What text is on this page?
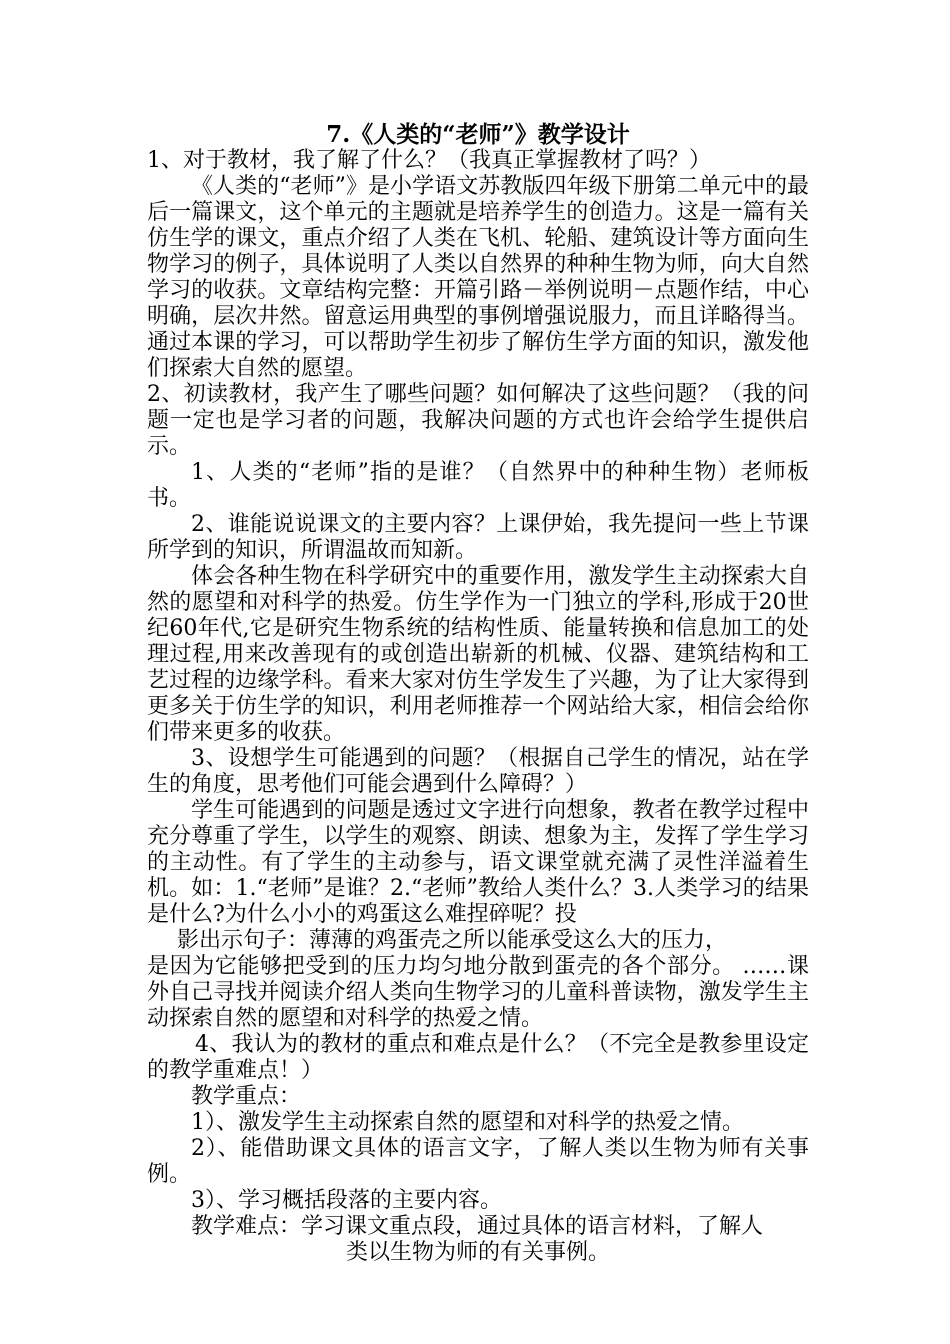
7.《人类的“老师”》教学设计

1、对于教材，我了解了什么？（我真正掌握教材了吗？）

《人类的“老师”》是小学语文苏教版四年级下册第二单元中的最后一篇课文，这个单元的主题就是培养学生的创造力。这是一篇有关仿生学的课文，重点介绍了人类在飞机、轮船、建筑设计等方面向生物学习的例子，具体说明了人类以自然界的种种生物为师，向大自然学习的收获。文章结构完整：开篇引路－举例说明－点题作结，中心明确，层次井然。留意运用典型的事例增强说服力，而且详略得当。通过本课的学习，可以帮助学生初步了解仿生学方面的知识，激发他们探索大自然的愿望。

2、初读教材，我产生了哪些问题？如何解决了这些问题？（我的问题一定也是学习者的问题，我解决问题的方式也许会给学生提供启示。

1、人类的“老师”指的是谁？（自然界中的种种生物）老师板书。

2、谁能说说课文的主要内容？上课伊始，我先提问一些上节课所学到的知识，所谓温故而知新。

体会各种生物在科学研究中的重要作用，激发学生主动探索大自然的愿望和对科学的热爱。仿生学作为一门独立的学科,形成于20世纪60年代,它是研究生物系统的结构性质、能量转换和信息加工的处理过程,用来改善现有的或创造出崭新的机械、仪器、建筑结构和工艺过程的边缘学科。看来大家对仿生学发生了兴趣，为了让大家得到更多关于仿生学的知识，利用老师推荐一个网站给大家，相信会给你们带来更多的收获。

3、设想学生可能遇到的问题？（根据自己学生的情况，站在学生的角度，思考他们可能会遇到什么障碍？）

学生可能遇到的问题是透过文字进行向想象，教者在教学过程中充分尊重了学生，以学生的观察、朗读、想象为主，发挥了学生学习的主动性。有了学生的主动参与，语文课堂就充满了灵性洋溢着生机。如：1.“老师”是谁？2.“老师”教给人类什么？3.人类学习的结果是什么?为什么小小的鸡蛋这么难捏碎呢？投

影出示句子：薄薄的鸡蛋壳之所以能承受这么大的压力，

是因为它能够把受到的压力均匀地分散到蛋壳的各个部分。 ……课外自己寻找并阅读介绍人类向生物学习的儿童科普读物，激发学生主动探索自然的愿望和对科学的热爱之情。

4、我认为的教材的重点和难点是什么？（不完全是教参里设定的教学重难点！）

教学重点：

1）、激发学生主动探索自然的愿望和对科学的热爱之情。

2）、能借助课文具体的语言文字，了解人类以生物为师有关事例。

3）、学习概括段落的主要内容。

教学难点：学习课文重点段，通过具体的语言材料，了解人

类以生物为师的有关事例。
